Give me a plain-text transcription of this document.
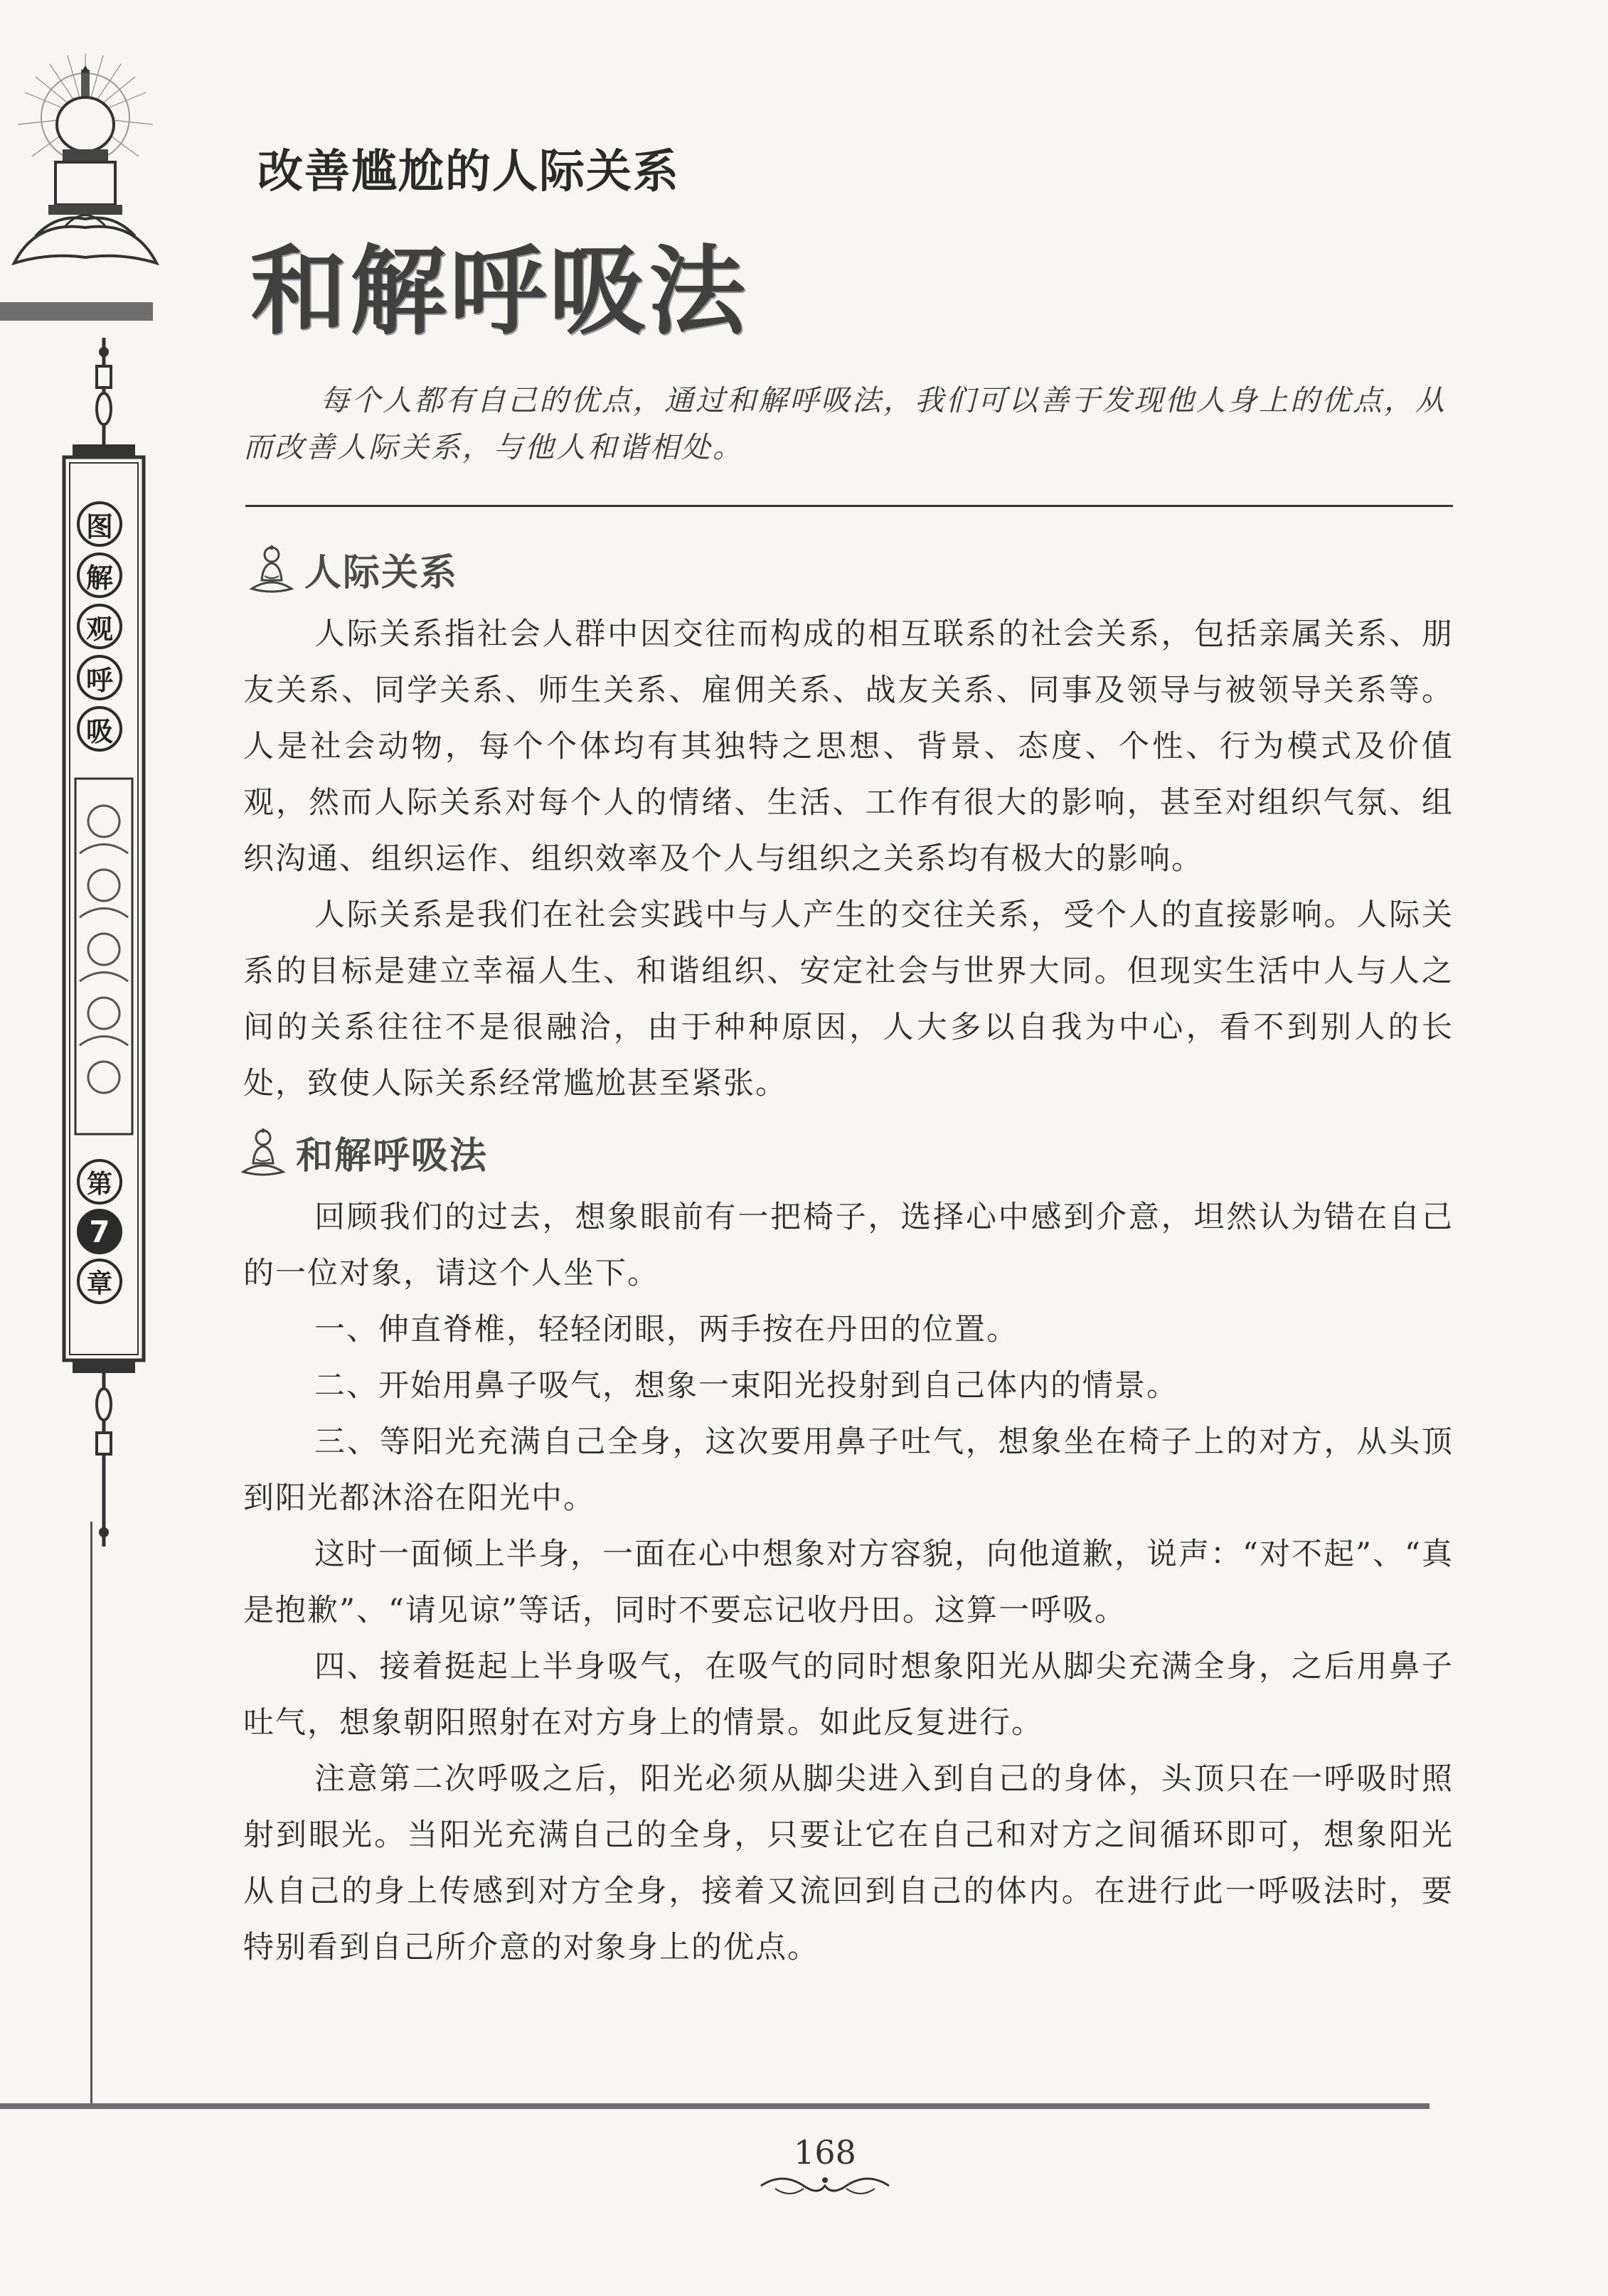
图
解
观
呼
吸
第
7
章
改善尴尬的人际关系
和解呼吸法

每个人都有自己的优点，通过和解呼吸法，我们可以善于发现他人身上的优点，从而改善人际关系，与他人和谐相处。

人际关系

人际关系指社会人群中因交往而构成的相互联系的社会关系，包括亲属关系、朋友关系、同学关系、师生关系、雇佣关系、战友关系、同事及领导与被领导关系等。人是社会动物，每个个体均有其独特之思想、背景、态度、个性、行为模式及价值观，然而人际关系对每个人的情绪、生活、工作有很大的影响，甚至对组织气氛、组织沟通、组织运作、组织效率及个人与组织之关系均有极大的影响。

人际关系是我们在社会实践中与人产生的交往关系，受个人的直接影响。人际关系的目标是建立幸福人生、和谐组织、安定社会与世界大同。但现实生活中人与人之间的关系往往不是很融洽，由于种种原因，人大多以自我为中心，看不到别人的长处，致使人际关系经常尴尬甚至紧张。

和解呼吸法

回顾我们的过去，想象眼前有一把椅子，选择心中感到介意，坦然认为错在自己的一位对象，请这个人坐下。

一、伸直脊椎，轻轻闭眼，两手按在丹田的位置。

二、开始用鼻子吸气，想象一束阳光投射到自己体内的情景。

三、等阳光充满自己全身，这次要用鼻子吐气，想象坐在椅子上的对方，从头顶到阳光都沐浴在阳光中。

这时一面倾上半身，一面在心中想象对方容貌，向他道歉，说声：“对不起”、“真是抱歉”、“请见谅”等话，同时不要忘记收丹田。这算一呼吸。

四、接着挺起上半身吸气，在吸气的同时想象阳光从脚尖充满全身，之后用鼻子吐气，想象朝阳照射在对方身上的情景。如此反复进行。

注意第二次呼吸之后，阳光必须从脚尖进入到自己的身体，头顶只在一呼吸时照射到眼光。当阳光充满自己的全身，只要让它在自己和对方之间循环即可，想象阳光从自己的身上传感到对方全身，接着又流回到自己的体内。在进行此一呼吸法时，要特别看到自己所介意的对象身上的优点。

168
